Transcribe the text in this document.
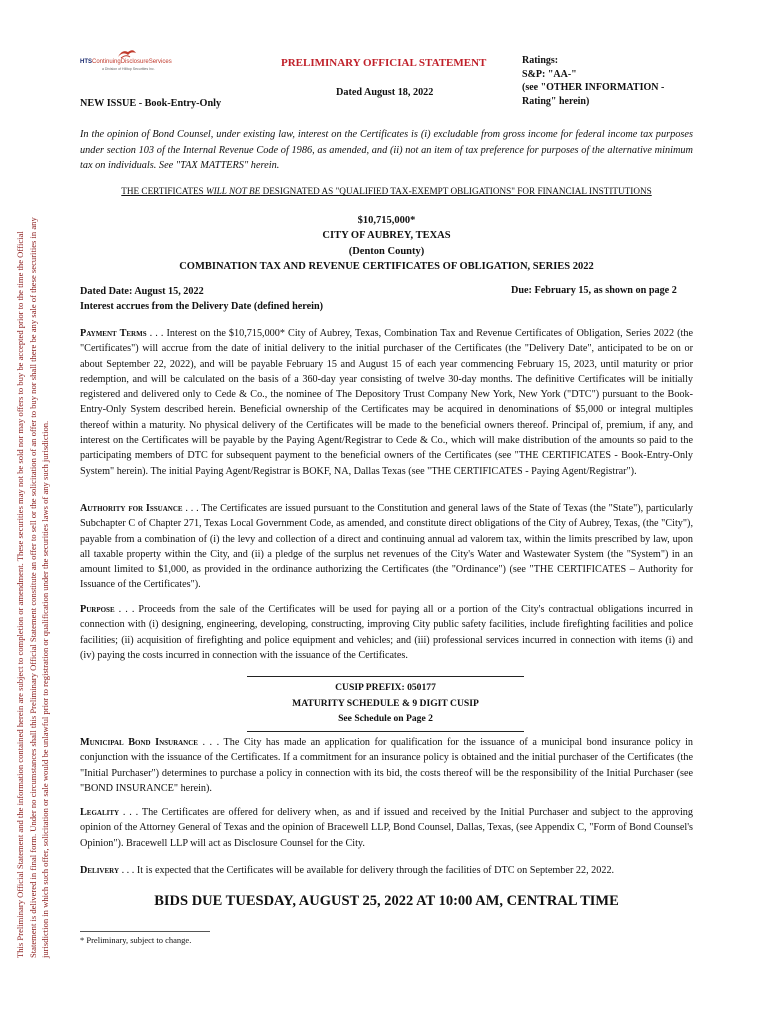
This Preliminary Official Statement and the information contained herein are subject to completion or amendment. These securities may not be sold nor may offers to buy be accepted prior to the time the Official Statement is delivered in final form. Under no circumstances shall this Preliminary Official Statement constitute an offer to sell or the solicitation of an offer to buy nor shall there be any sale of these securities in any jurisdiction in which such offer, solicitation or sale would be unlawful prior to registration or qualification under the securities laws of any such jurisdiction.

HTSContinuingDisclosureServices
a Division of Hilltop Securities Inc.	PRELIMINARY OFFICIAL STATEMENT
Dated August 18, 2022
Ratings:
S&P: "AA-"
(see "OTHER INFORMATION -
Rating" herein)
NEW ISSUE - Book-Entry-Only

In the opinion of Bond Counsel, under existing law, interest on the Certificates is (i) excludable from gross income for federal income tax purposes under section 103 of the Internal Revenue Code of 1986, as amended, and (ii) not an item of tax preference for purposes of the alternative minimum tax on individuals. See "TAX MATTERS" herein.

THE CERTIFICATES WILL NOT BE DESIGNATED AS "QUALIFIED TAX-EXEMPT OBLIGATIONS" FOR FINANCIAL INSTITUTIONS

$10,715,000*
CITY OF AUBREY, TEXAS
(Denton County)
COMBINATION TAX AND REVENUE CERTIFICATES OF OBLIGATION, SERIES 2022
Dated Date: August 15, 2022
Interest accrues from the Delivery Date (defined herein)
Due: February 15, as shown on page 2

Payment Terms . . . Interest on the $10,715,000* City of Aubrey, Texas, Combination Tax and Revenue Certificates of Obligation, Series 2022 (the "Certificates") will accrue from the date of initial delivery to the initial purchaser of the Certificates (the "Delivery Date", anticipated to be on or about September 22, 2022), and will be payable February 15 and August 15 of each year commencing February 15, 2023, until maturity or prior redemption, and will be calculated on the basis of a 360-day year consisting of twelve 30-day months. The definitive Certificates will be initially registered and delivered only to Cede & Co., the nominee of The Depository Trust Company New York, New York ("DTC") pursuant to the Book-Entry-Only System described herein. Beneficial ownership of the Certificates may be acquired in denominations of $5,000 or integral multiples thereof within a maturity. No physical delivery of the Certificates will be made to the beneficial owners thereof. Principal of, premium, if any, and interest on the Certificates will be payable by the Paying Agent/Registrar to Cede & Co., which will make distribution of the amounts so paid to the participating members of DTC for subsequent payment to the beneficial owners of the Certificates (see "THE CERTIFICATES - Book-Entry-Only System" herein). The initial Paying Agent/Registrar is BOKF, NA, Dallas Texas (see "THE CERTIFICATES - Paying Agent/Registrar").

Authority for Issuance . . . The Certificates are issued pursuant to the Constitution and general laws of the State of Texas (the "State"), particularly Subchapter C of Chapter 271, Texas Local Government Code, as amended, and constitute direct obligations of the City of Aubrey, Texas, (the "City"), payable from a combination of (i) the levy and collection of a direct and continuing annual ad valorem tax, within the limits prescribed by law, upon all taxable property within the City, and (ii) a pledge of the surplus net revenues of the City's Water and Wastewater System (the "System") in an amount limited to $1,000, as provided in the ordinance authorizing the Certificates (the "Ordinance") (see "THE CERTIFICATES – Authority for Issuance of the Certificates").

Purpose . . . Proceeds from the sale of the Certificates will be used for paying all or a portion of the City's contractual obligations incurred in connection with (i) designing, engineering, developing, constructing, improving City public safety facilities, include firefighting facilities and police facilities; (ii) acquisition of firefighting and police equipment and vehicles; and (iii) professional services incurred in connection with items (i) and (iv) paying the costs incurred in connection with the issuance of the Certificates.

CUSIP PREFIX: 050177
MATURITY SCHEDULE & 9 DIGIT CUSIP
See Schedule on Page 2

Municipal Bond Insurance . . . The City has made an application for qualification for the issuance of a municipal bond insurance policy in conjunction with the issuance of the Certificates. If a commitment for an insurance policy is obtained and the initial purchaser of the Certificates (the "Initial Purchaser") determines to purchase a policy in connection with its bid, the costs thereof will be the responsibility of the Initial Purchaser (see "BOND INSURANCE" herein).

Legality . . . The Certificates are offered for delivery when, as and if issued and received by the Initial Purchaser and subject to the approving opinion of the Attorney General of Texas and the opinion of Bracewell LLP, Bond Counsel, Dallas, Texas, (see Appendix C, "Form of Bond Counsel's Opinion"). Bracewell LLP will act as Disclosure Counsel for the City.

Delivery . . . It is expected that the Certificates will be available for delivery through the facilities of DTC on September 22, 2022.

BIDS DUE TUESDAY, AUGUST 25, 2022 AT 10:00 AM, CENTRAL TIME

* Preliminary, subject to change.
